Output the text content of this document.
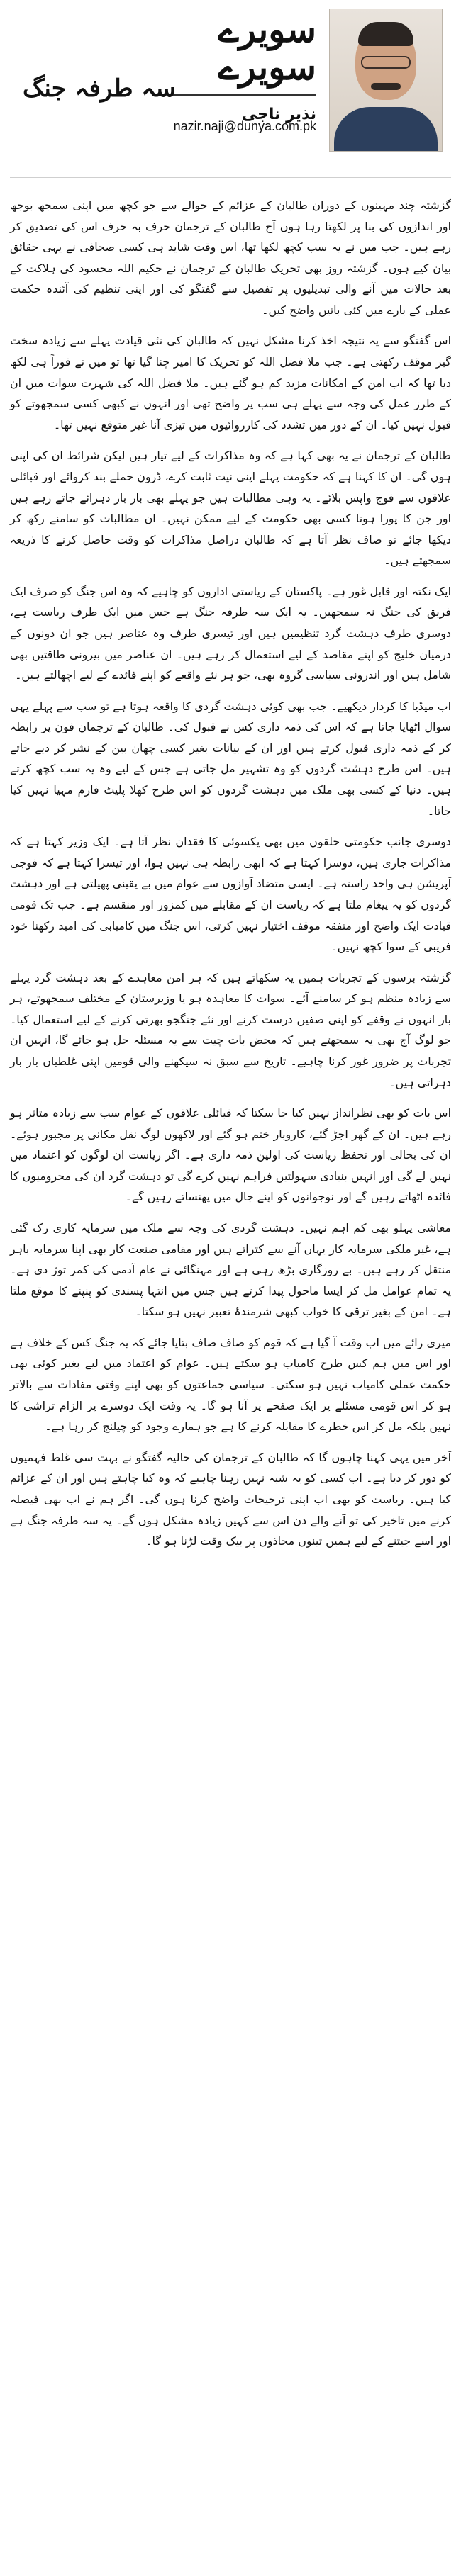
سویرے سویرے
نذیر ناجی
nazir.naji@dunya.com.pk
سہ طرفہ جنگ

گزشتہ چند مہینوں کے دوران طالبان کے عزائم کے حوالے سے جو کچھ میں اپنی سمجھ بوجھ اور اندازوں کی بنا پر لکھتا رہا ہوں آج طالبان کے ترجمان حرف بہ حرف اس کی تصدیق کر رہے ہیں۔ جب میں نے یہ سب کچھ لکھا تھا، اس وقت شاید ہی کسی صحافی نے یہی حقائق بیان کیے ہوں۔ گزشتہ روز بھی تحریک طالبان کے ترجمان نے حکیم اللہ محسود کی ہلاکت کے بعد حالات میں آنے والی تبدیلیوں پر تفصیل سے گفتگو کی اور اپنی تنظیم کی آئندہ حکمت عملی کے بارے میں کئی باتیں واضح کیں۔

اس گفتگو سے یہ نتیجہ اخذ کرنا مشکل نہیں کہ طالبان کی نئی قیادت پہلے سے زیادہ سخت گیر موقف رکھتی ہے۔ جب ملا فضل اللہ کو تحریک کا امیر چنا گیا تھا تو میں نے فوراً ہی لکھ دیا تھا کہ اب امن کے امکانات مزید کم ہو گئے ہیں۔ ملا فضل اللہ کی شہرت سوات میں ان کے طرز عمل کی وجہ سے پہلے ہی سب پر واضح تھی اور انہوں نے کبھی کسی سمجھوتے کو قبول نہیں کیا۔ ان کے دور میں تشدد کی کارروائیوں میں تیزی آنا غیر متوقع نہیں تھا۔

طالبان کے ترجمان نے یہ بھی کہا ہے کہ وہ مذاکرات کے لیے تیار ہیں لیکن شرائط ان کی اپنی ہوں گی۔ ان کا کہنا ہے کہ حکومت پہلے اپنی نیت ثابت کرے، ڈرون حملے بند کروائے اور قبائلی علاقوں سے فوج واپس بلائے۔ یہ وہی مطالبات ہیں جو پہلے بھی بار بار دہرائے جاتے رہے ہیں اور جن کا پورا ہونا کسی بھی حکومت کے لیے ممکن نہیں۔ ان مطالبات کو سامنے رکھ کر دیکھا جائے تو صاف نظر آتا ہے کہ طالبان دراصل مذاکرات کو وقت حاصل کرنے کا ذریعہ سمجھتے ہیں۔

ایک نکتہ اور قابل غور ہے۔ پاکستان کے ریاستی اداروں کو چاہیے کہ وہ اس جنگ کو صرف ایک فریق کی جنگ نہ سمجھیں۔ یہ ایک سہ طرفہ جنگ ہے جس میں ایک طرف ریاست ہے، دوسری طرف دہشت گرد تنظیمیں ہیں اور تیسری طرف وہ عناصر ہیں جو ان دونوں کے درمیان خلیج کو اپنے مقاصد کے لیے استعمال کر رہے ہیں۔ ان عناصر میں بیرونی طاقتیں بھی شامل ہیں اور اندرونی سیاسی گروہ بھی، جو ہر نئے واقعے کو اپنے فائدے کے لیے اچھالتے ہیں۔

اب میڈیا کا کردار دیکھیے۔ جب بھی کوئی دہشت گردی کا واقعہ ہوتا ہے تو سب سے پہلے یہی سوال اٹھایا جاتا ہے کہ اس کی ذمہ داری کس نے قبول کی۔ طالبان کے ترجمان فون پر رابطہ کر کے ذمہ داری قبول کرتے ہیں اور ان کے بیانات بغیر کسی چھان بین کے نشر کر دیے جاتے ہیں۔ اس طرح دہشت گردوں کو وہ تشہیر مل جاتی ہے جس کے لیے وہ یہ سب کچھ کرتے ہیں۔ دنیا کے کسی بھی ملک میں دہشت گردوں کو اس طرح کھلا پلیٹ فارم مہیا نہیں کیا جاتا۔

دوسری جانب حکومتی حلقوں میں بھی یکسوئی کا فقدان نظر آتا ہے۔ ایک وزیر کہتا ہے کہ مذاکرات جاری ہیں، دوسرا کہتا ہے کہ ابھی رابطہ ہی نہیں ہوا، اور تیسرا کہتا ہے کہ فوجی آپریشن ہی واحد راستہ ہے۔ ایسی متضاد آوازوں سے عوام میں بے یقینی پھیلتی ہے اور دہشت گردوں کو یہ پیغام ملتا ہے کہ ریاست ان کے مقابلے میں کمزور اور منقسم ہے۔ جب تک قومی قیادت ایک واضح اور متفقہ موقف اختیار نہیں کرتی، اس جنگ میں کامیابی کی امید رکھنا خود فریبی کے سوا کچھ نہیں۔

گزشتہ برسوں کے تجربات ہمیں یہ سکھاتے ہیں کہ ہر امن معاہدے کے بعد دہشت گرد پہلے سے زیادہ منظم ہو کر سامنے آئے۔ سوات کا معاہدہ ہو یا وزیرستان کے مختلف سمجھوتے، ہر بار انہوں نے وقفے کو اپنی صفیں درست کرنے اور نئے جنگجو بھرتی کرنے کے لیے استعمال کیا۔ جو لوگ آج بھی یہ سمجھتے ہیں کہ محض بات چیت سے یہ مسئلہ حل ہو جائے گا، انہیں ان تجربات پر ضرور غور کرنا چاہیے۔ تاریخ سے سبق نہ سیکھنے والی قومیں اپنی غلطیاں بار بار دہراتی ہیں۔

اس بات کو بھی نظرانداز نہیں کیا جا سکتا کہ قبائلی علاقوں کے عوام سب سے زیادہ متاثر ہو رہے ہیں۔ ان کے گھر اجڑ گئے، کاروبار ختم ہو گئے اور لاکھوں لوگ نقل مکانی پر مجبور ہوئے۔ ان کی بحالی اور تحفظ ریاست کی اولین ذمہ داری ہے۔ اگر ریاست ان لوگوں کو اعتماد میں نہیں لے گی اور انہیں بنیادی سہولتیں فراہم نہیں کرے گی تو دہشت گرد ان کی محرومیوں کا فائدہ اٹھاتے رہیں گے اور نوجوانوں کو اپنے جال میں پھنساتے رہیں گے۔

معاشی پہلو بھی کم اہم نہیں۔ دہشت گردی کی وجہ سے ملک میں سرمایہ کاری رک گئی ہے، غیر ملکی سرمایہ کار یہاں آنے سے کتراتے ہیں اور مقامی صنعت کار بھی اپنا سرمایہ باہر منتقل کر رہے ہیں۔ بے روزگاری بڑھ رہی ہے اور مہنگائی نے عام آدمی کی کمر توڑ دی ہے۔ یہ تمام عوامل مل کر ایسا ماحول پیدا کرتے ہیں جس میں انتہا پسندی کو پنپنے کا موقع ملتا ہے۔ امن کے بغیر ترقی کا خواب کبھی شرمندۂ تعبیر نہیں ہو سکتا۔

میری رائے میں اب وقت آ گیا ہے کہ قوم کو صاف صاف بتایا جائے کہ یہ جنگ کس کے خلاف ہے اور اس میں ہم کس طرح کامیاب ہو سکتے ہیں۔ عوام کو اعتماد میں لیے بغیر کوئی بھی حکمت عملی کامیاب نہیں ہو سکتی۔ سیاسی جماعتوں کو بھی اپنے وقتی مفادات سے بالاتر ہو کر اس قومی مسئلے پر ایک صفحے پر آنا ہو گا۔ یہ وقت ایک دوسرے پر الزام تراشی کا نہیں بلکہ مل کر اس خطرے کا مقابلہ کرنے کا ہے جو ہمارے وجود کو چیلنج کر رہا ہے۔

آخر میں یہی کہنا چاہوں گا کہ طالبان کے ترجمان کی حالیہ گفتگو نے بہت سی غلط فہمیوں کو دور کر دیا ہے۔ اب کسی کو یہ شبہ نہیں رہنا چاہیے کہ وہ کیا چاہتے ہیں اور ان کے عزائم کیا ہیں۔ ریاست کو بھی اب اپنی ترجیحات واضح کرنا ہوں گی۔ اگر ہم نے اب بھی فیصلہ کرنے میں تاخیر کی تو آنے والے دن اس سے کہیں زیادہ مشکل ہوں گے۔ یہ سہ طرفہ جنگ ہے اور اسے جیتنے کے لیے ہمیں تینوں محاذوں پر بیک وقت لڑنا ہو گا۔
